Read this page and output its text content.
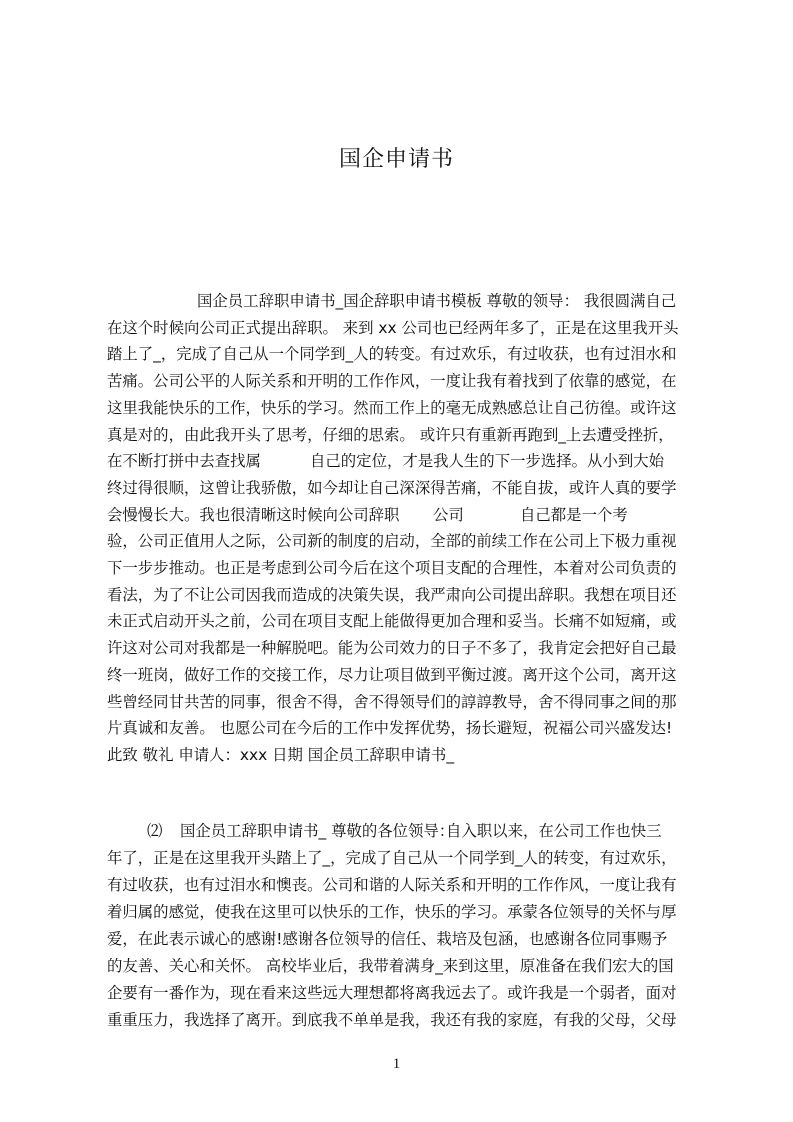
国企申请书
国企员工辞职申请书_国企辞职申请书模板 尊敬的领导： 我很圆满自己
在这个时候向公司正式提出辞职。 来到 xx 公司也已经两年多了，正是在这里我开头
踏上了_，完成了自己从一个同学到_人的转变。有过欢乐，有过收获，也有过泪水和
苦痛。公司公平的人际关系和开明的工作作风，一度让我有着找到了依靠的感觉，在
这里我能快乐的工作，快乐的学习。然而工作上的毫无成熟感总让自己彷徨。或许这
真是对的，由此我开头了思考，仔细的思索。 或许只有重新再跑到_上去遭受挫折，
在不断打拼中去查找属	自己的定位，才是我人生的下一步选择。从小到大始
终过得很顺，这曾让我骄傲，如今却让自己深深得苦痛，不能自拔，或许人真的要学
会慢慢长大。我也很清晰这时候向公司辞职 公司	自己都是一个考
验，公司正值用人之际，公司新的制度的启动，全部的前续工作在公司上下极力重视
下一步步推动。也正是考虑到公司今后在这个项目支配的合理性，本着对公司负责的
看法，为了不让公司因我而造成的决策失误，我严肃向公司提出辞职。我想在项目还
未正式启动开头之前，公司在项目支配上能做得更加合理和妥当。长痛不如短痛，或
许这对公司对我都是一种解脱吧。能为公司效力的日子不多了，我肯定会把好自己最
终一班岗，做好工作的交接工作，尽力让项目做到平衡过渡。离开这个公司，离开这
些曾经同甘共苦的同事，很舍不得，舍不得领导们的諄諄教导，舍不得同事之间的那
片真诚和友善。 也愿公司在今后的工作中发挥优势，扬长避短，祝福公司兴盛发达!
此致 敬礼 申请人：xxx 日期 国企员工辞职申请书_
⑵ 国企员工辞职申请书_ 尊敬的各位领导：
自入职以来，在公司工作也快三
年了，正是在这里我开头踏上了_，完成了自己从一个同学到_人的转变，有过欢乐，
有过收获，也有过泪水和懊丧。公司和谐的人际关系和开明的工作作风，一度让我有
着归属的感觉，使我在这里可以快乐的工作，快乐的学习。承蒙各位领导的关怀与厚
爱，在此表示诚心的感谢!感谢各位领导的信任、栽培及包涵，也感谢各位同事赐予
的友善、关心和关怀。 高校毕业后，我带着满身_来到这里，原准备在我们宏大的国
企要有一番作为，现在看来这些远大理想都将离我远去了。或许我是一个弱者，面对
重重压力，我选择了离开。到底我不单单是我，我还有我的家庭，有我的父母，父母
1
